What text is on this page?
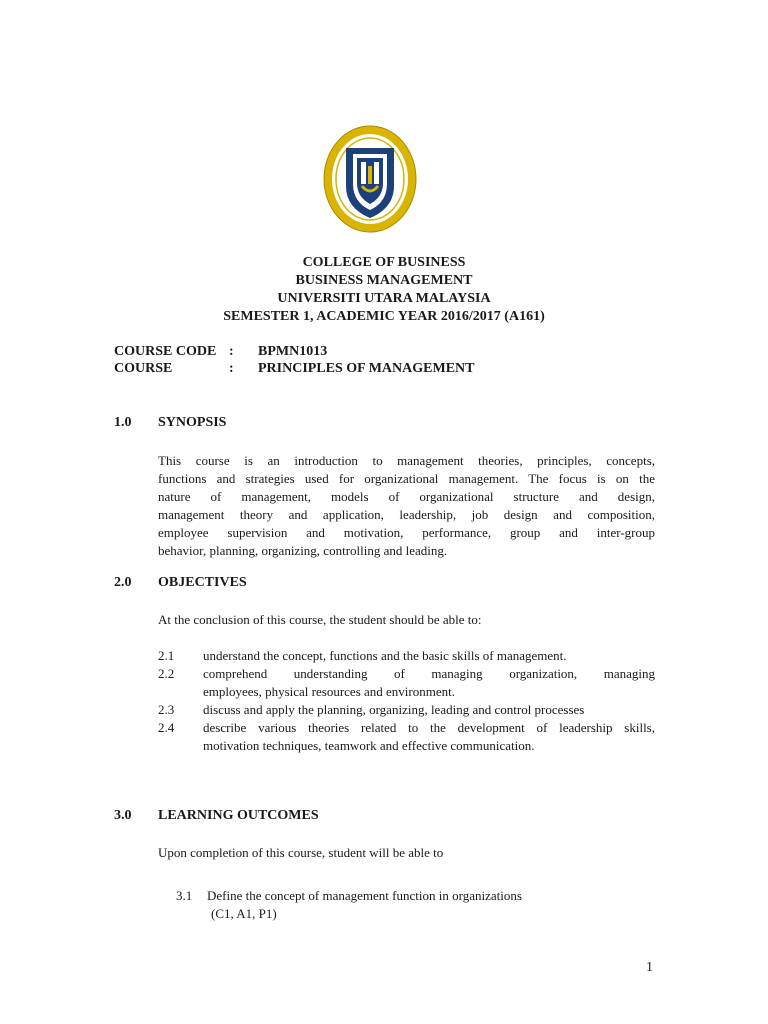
COLLEGE OF BUSINESS
BUSINESS MANAGEMENT
UNIVERSITI UTARA MALAYSIA
SEMESTER 1, ACADEMIC YEAR 2016/2017 (A161)
COURSE CODE : BPMN1013
COURSE	: PRINCIPLES OF MANAGEMENT
1.0 SYNOPSIS
This course is an introduction to management theories, principles, concepts,
functions and strategies used for organizational management. The focus is on the
nature of management, models of organizational structure and design,
management theory and application, leadership, job design and composition,
employee supervision and motivation, performance, group and inter-group
behavior, planning, organizing, controlling and leading.
2.0 OBJECTIVES
At the conclusion of this course, the student should be able to:
2.1 understand the concept, functions and the basic skills of management.
2.2 comprehend understanding of managing organization, managing
employees, physical resources and environment.
2.3 discuss and apply the planning, organizing, leading and control processes
2.4 describe various theories related to the development of leadership skills,
motivation techniques, teamwork and effective communication.
3.0 LEARNING OUTCOMES
Upon completion of this course, student will be able to
3.1 Define the concept of management function in organizations
(C1, A1, P1)
1
